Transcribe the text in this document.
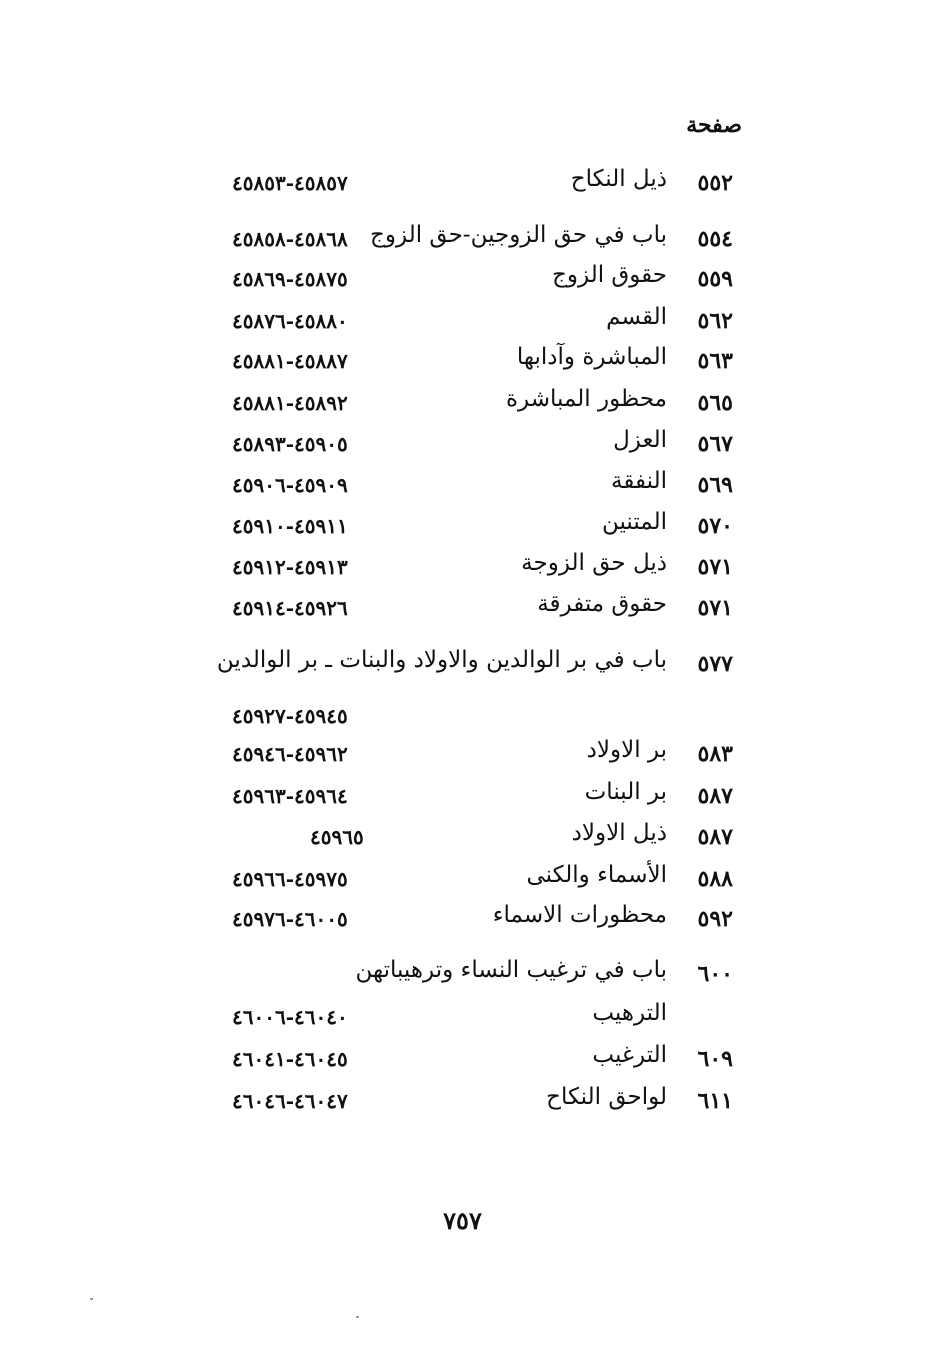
صفحة
٥٥٢
ذيل النكاح
٤٥٨٥٧-٤٥٨٥٣
٥٥٤
باب في حق الزوجين-حق الزوج
٤٥٨٦٨-٤٥٨٥٨
٥٥٩
حقوق الزوج
٤٥٨٧٥-٤٥٨٦٩
٥٦٢
القسم
٤٥٨٨٠-٤٥٨٧٦
٥٦٣
المباشرة وآدابها
٤٥٨٨٧-٤٥٨٨١
٥٦٥
محظور المباشرة
٤٥٨٩٢-٤٥٨٨١
٥٦٧
العزل
٤٥٩٠٥-٤٥٨٩٣
٥٦٩
النفقة
٤٥٩٠٩-٤٥٩٠٦
٥٧٠
المتنين
٤٥٩١١-٤٥٩١٠
٥٧١
ذيل حق الزوجة
٤٥٩١٣-٤٥٩١٢
٥٧١
حقوق متفرقة
٤٥٩٢٦-٤٥٩١٤
٥٧٧
باب في بر الوالدين والاولاد والبنات ـ بر الوالدين
٤٥٩٤٥-٤٥٩٢٧
٥٨٣
بر الاولاد
٤٥٩٦٢-٤٥٩٤٦
٥٨٧
بر البنات
٤٥٩٦٤-٤٥٩٦٣
٥٨٧
ذيل الاولاد
٤٥٩٦٥
٥٨٨
الأسماء والكنى
٤٥٩٧٥-٤٥٩٦٦
٥٩٢
محظورات الاسماء
٤٦٠٠٥-٤٥٩٧٦
٦٠٠
باب في ترغيب النساء وترهيباتهن
الترهيب
٤٦٠٤٠-٤٦٠٠٦
٦٠٩
الترغيب
٤٦٠٤٥-٤٦٠٤١
٦١١
لواحق النكاح
٤٦٠٤٧-٤٦٠٤٦
٧٥٧
